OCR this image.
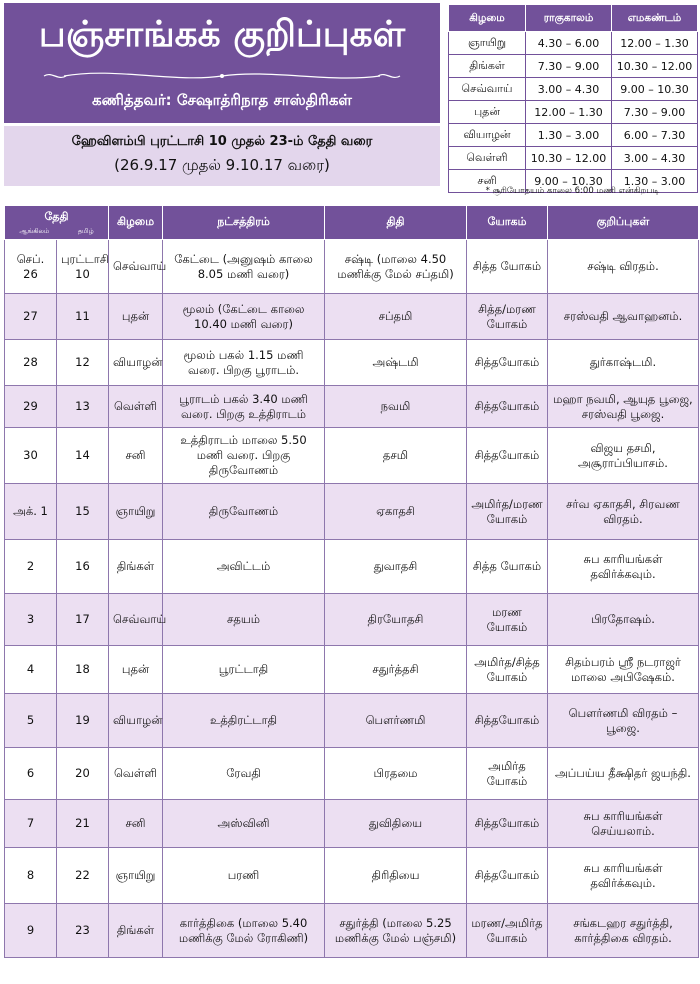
பஞ்சாங்கக் குறிப்புகள்
கணித்தவர்: சேஷாத்ரிநாத சாஸ்திரிகள்
ஹேவிளம்பி புரட்டாசி 10 முதல் 23-ம் தேதி வரை
(26.9.17 முதல் 9.10.17 வரை)
கிழமை	ராகுகாலம்	எமகண்டம்
ஞாயிறு	4.30 – 6.00	12.00 – 1.30
திங்கள்	7.30 – 9.00	10.30 – 12.00
செவ்வாய்	3.00 – 4.30	9.00 – 10.30
புதன்	12.00 – 1.30	7.30 – 9.00
வியாழன்	1.30 – 3.00	6.00 – 7.30
வெள்ளி	10.30 – 12.00	3.00 – 4.30
சனி	9.00 – 10.30	1.30 – 3.00
* சூரியோதயம் காலை 6:00 மணி என்கிறபடி
தேதி
ஆங்கிலம் தமிழ்		கிழமை	நட்சத்திரம்	திதி	யோகம்	குறிப்புகள்
செப். 26	புரட்டாசி 10	செவ்வாய்	கேட்டை (அனுஷம் காலை 8.05 மணி வரை)	சஷ்டி (மாலை 4.50 மணிக்கு மேல் சப்தமி)	சித்த யோகம்	சஷ்டி விரதம்.
27	11	புதன்	மூலம் (கேட்டை காலை 10.40 மணி வரை)	சப்தமி	சித்த/மரண யோகம்	சரஸ்வதி ஆவாஹனம்.
28	12	வியாழன்	மூலம் பகல் 1.15 மணி வரை. பிறகு பூராடம்.	அஷ்டமி	சித்தயோகம்	துர்காஷ்டமி.
29	13	வெள்ளி	பூராடம் பகல் 3.40 மணி வரை. பிறகு உத்திராடம்	நவமி	சித்தயோகம்	மஹா நவமி, ஆயுத பூஜை, சரஸ்வதி பூஜை.
30	14	சனி	உத்திராடம் மாலை 5.50 மணி வரை. பிறகு திருவோணம்	தசமி	சித்தயோகம்	விஜய தசமி, அசூராப்பியாசம்.
அக். 1	15	ஞாயிறு	திருவோணம்	ஏகாதசி	அமிர்த/மரண யோகம்	சர்வ ஏகாதசி, சிரவண விரதம்.
2	16	திங்கள்	அவிட்டம்	துவாதசி	சித்த யோகம்	சுப காரியங்கள் தவிர்க்கவும்.
3	17	செவ்வாய்	சதயம்	திரயோதசி	மரண யோகம்	பிரதோஷம்.
4	18	புதன்	பூரட்டாதி	சதுர்த்தசி	அமிர்த/சித்த யோகம்	சிதம்பரம் ஸ்ரீ நடராஜர் மாலை அபிஷேகம்.
5	19	வியாழன்	உத்திரட்டாதி	பௌர்ணமி	சித்தயோகம்	பௌர்ணமி விரதம் – பூஜை.
6	20	வெள்ளி	ரேவதி	பிரதமை	அமிர்த யோகம்	அப்பய்ய தீக்ஷிதர் ஜயந்தி.
7	21	சனி	அஸ்வினி	துவிதியை	சித்தயோகம்	சுப காரியங்கள் செய்யலாம்.
8	22	ஞாயிறு	பரணி	திரிதியை	சித்தயோகம்	சுப காரியங்கள் தவிர்க்கவும்.
9	23	திங்கள்	கார்த்திகை (மாலை 5.40 மணிக்கு மேல் ரோகிணி)	சதுர்த்தி (மாலை 5.25 மணிக்கு மேல் பஞ்சமி)	மரண/அமிர்த யோகம்	சங்கடஹர சதுர்த்தி, கார்த்திகை விரதம்.
